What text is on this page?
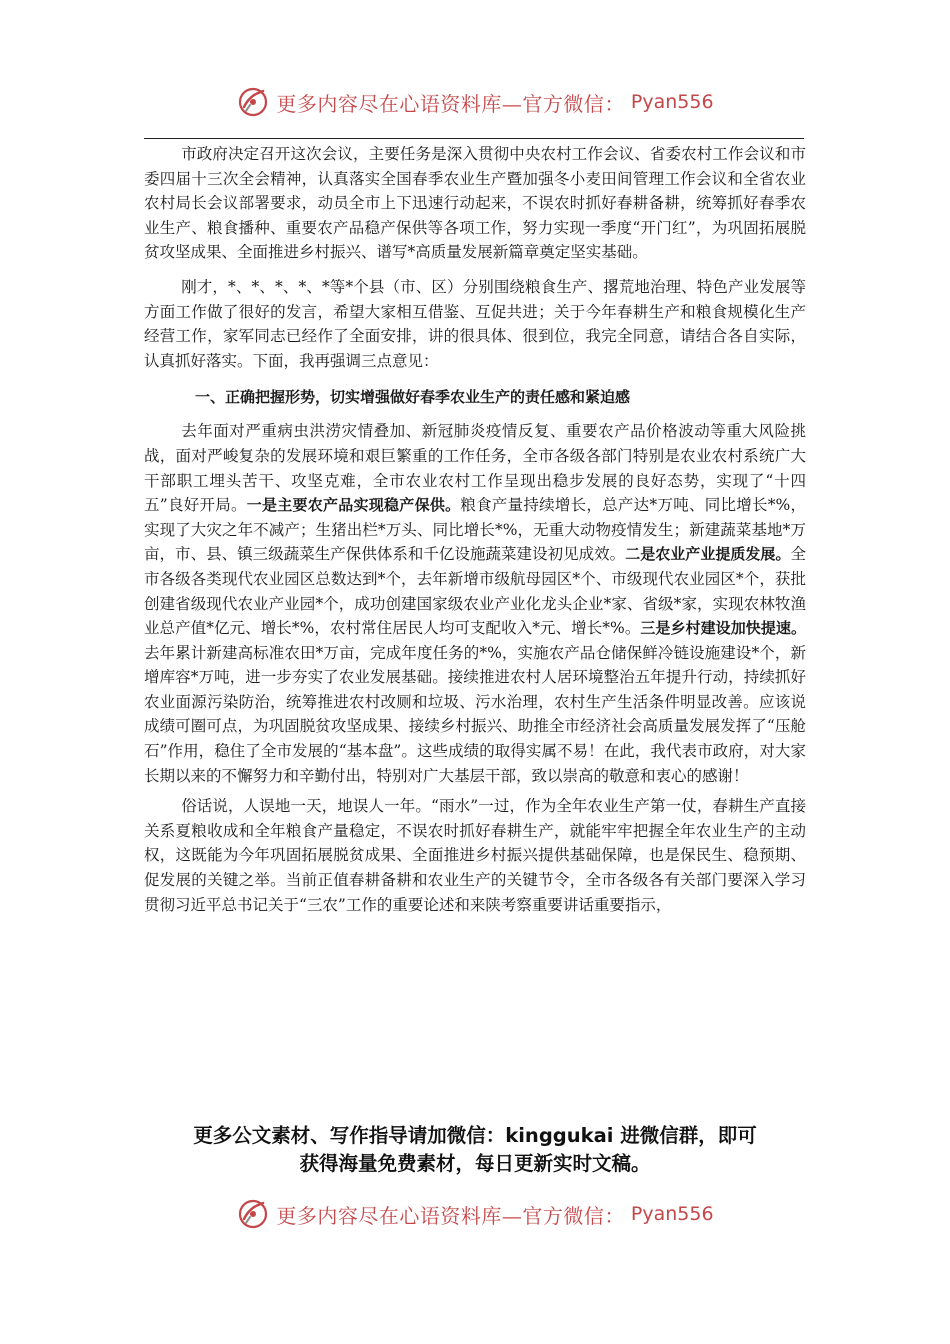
更多内容尽在心语资料库—官方微信： Pyan556

市政府决定召开这次会议，主要任务是深入贯彻中央农村工作会议、省委农村工作会议和市委四届十三次全会精神，认真落实全国春季农业生产暨加强冬小麦田间管理工作会议和全省农业农村局长会议部署要求，动员全市上下迅速行动起来，不误农时抓好春耕备耕，统筹抓好春季农业生产、粮食播种、重要农产品稳产保供等各项工作，努力实现一季度“开门红”，为巩固拓展脱贫攻坚成果、全面推进乡村振兴、谱写*高质量发展新篇章奠定坚实基础。

刚才，*、*、*、*、*等*个县（市、区）分别围绕粮食生产、撂荒地治理、特色产业发展等方面工作做了很好的发言，希望大家相互借鉴、互促共进；关于今年春耕生产和粮食规模化生产经营工作，家军同志已经作了全面安排，讲的很具体、很到位，我完全同意，请结合各自实际，认真抓好落实。下面，我再强调三点意见：

一、正确把握形势，切实增强做好春季农业生产的责任感和紧迫感

去年面对严重病虫洪涝灾情叠加、新冠肺炎疫情反复、重要农产品价格波动等重大风险挑战，面对严峻复杂的发展环境和艰巨繁重的工作任务，全市各级各部门特别是农业农村系统广大干部职工埋头苦干、攻坚克难，全市农业农村工作呈现出稳步发展的良好态势，实现了“十四五”良好开局。一是主要农产品实现稳产保供。粮食产量持续增长，总产达*万吨、同比增长*%，实现了大灾之年不减产；生猪出栏*万头、同比增长*%，无重大动物疫情发生；新建蔬菜基地*万亩，市、县、镇三级蔬菜生产保供体系和千亿设施蔬菜建设初见成效。二是农业产业提质发展。全市各级各类现代农业园区总数达到*个，去年新增市级航母园区*个、市级现代农业园区*个，获批创建省级现代农业产业园*个，成功创建国家级农业产业化龙头企业*家、省级*家，实现农林牧渔业总产值*亿元、增长*%，农村常住居民人均可支配收入*元、增长*%。三是乡村建设加快提速。去年累计新建高标准农田*万亩，完成年度任务的*%，实施农产品仓储保鲜冷链设施建设*个，新增库容*万吨，进一步夯实了农业发展基础。接续推进农村人居环境整治五年提升行动，持续抓好农业面源污染防治，统筹推进农村改厕和垃圾、污水治理，农村生产生活条件明显改善。应该说成绩可圈可点，为巩固脱贫攻坚成果、接续乡村振兴、助推全市经济社会高质量发展发挥了“压舱石”作用，稳住了全市发展的“基本盘”。这些成绩的取得实属不易！在此，我代表市政府，对大家长期以来的不懈努力和辛勤付出，特别对广大基层干部，致以崇高的敬意和衷心的感谢！

俗话说，人误地一天，地误人一年。“雨水”一过，作为全年农业生产第一仗，春耕生产直接关系夏粮收成和全年粮食产量稳定，不误农时抓好春耕生产，就能牢牢把握全年农业生产的主动权，这既能为今年巩固拓展脱贫成果、全面推进乡村振兴提供基础保障，也是保民生、稳预期、促发展的关键之举。当前正值春耕备耕和农业生产的关键节令，全市各级各有关部门要深入学习贯彻习近平总书记关于“三农”工作的重要论述和来陕考察重要讲话重要指示，

更多公文素材、写作指导请加微信：kinggukai 进微信群，即可
获得海量免费素材，每日更新实时文稿。
更多内容尽在心语资料库—官方微信： Pyan556
